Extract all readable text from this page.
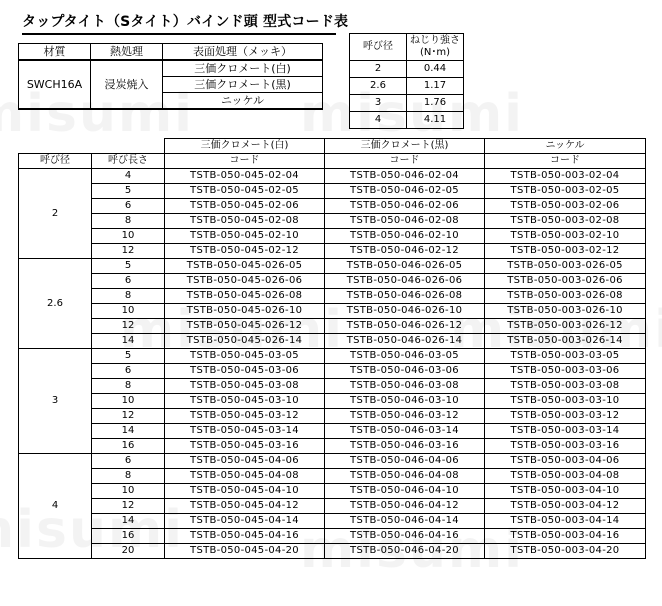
タップタイト（Sタイト）バインド頭 型式コード表
材質	熱処理	表面処理（メッキ）
SWCH16A	浸炭焼入	三価クロメート(白)
		三価クロメート(黒)
		ニッケル
呼び径	ねじり強さ
(N･m)
2	0.44
2.6	1.17
3	1.76
4	4.11
		三価クロメート(白)	三価クロメート(黒)	ニッケル
呼び径	呼び長さ	コード	コード	コード
2	4	TSTB-050-045-02-04	TSTB-050-046-02-04	TSTB-050-003-02-04
	5	TSTB-050-045-02-05	TSTB-050-046-02-05	TSTB-050-003-02-05
	6	TSTB-050-045-02-06	TSTB-050-046-02-06	TSTB-050-003-02-06
	8	TSTB-050-045-02-08	TSTB-050-046-02-08	TSTB-050-003-02-08
	10	TSTB-050-045-02-10	TSTB-050-046-02-10	TSTB-050-003-02-10
	12	TSTB-050-045-02-12	TSTB-050-046-02-12	TSTB-050-003-02-12
2.6	5	TSTB-050-045-026-05	TSTB-050-046-026-05	TSTB-050-003-026-05
	6	TSTB-050-045-026-06	TSTB-050-046-026-06	TSTB-050-003-026-06
	8	TSTB-050-045-026-08	TSTB-050-046-026-08	TSTB-050-003-026-08
	10	TSTB-050-045-026-10	TSTB-050-046-026-10	TSTB-050-003-026-10
	12	TSTB-050-045-026-12	TSTB-050-046-026-12	TSTB-050-003-026-12
	14	TSTB-050-045-026-14	TSTB-050-046-026-14	TSTB-050-003-026-14
3	5	TSTB-050-045-03-05	TSTB-050-046-03-05	TSTB-050-003-03-05
	6	TSTB-050-045-03-06	TSTB-050-046-03-06	TSTB-050-003-03-06
	8	TSTB-050-045-03-08	TSTB-050-046-03-08	TSTB-050-003-03-08
	10	TSTB-050-045-03-10	TSTB-050-046-03-10	TSTB-050-003-03-10
	12	TSTB-050-045-03-12	TSTB-050-046-03-12	TSTB-050-003-03-12
	14	TSTB-050-045-03-14	TSTB-050-046-03-14	TSTB-050-003-03-14
	16	TSTB-050-045-03-16	TSTB-050-046-03-16	TSTB-050-003-03-16
4	6	TSTB-050-045-04-06	TSTB-050-046-04-06	TSTB-050-003-04-06
	8	TSTB-050-045-04-08	TSTB-050-046-04-08	TSTB-050-003-04-08
	10	TSTB-050-045-04-10	TSTB-050-046-04-10	TSTB-050-003-04-10
	12	TSTB-050-045-04-12	TSTB-050-046-04-12	TSTB-050-003-04-12
	14	TSTB-050-045-04-14	TSTB-050-046-04-14	TSTB-050-003-04-14
	16	TSTB-050-045-04-16	TSTB-050-046-04-16	TSTB-050-003-04-16
	20	TSTB-050-045-04-20	TSTB-050-046-04-20	TSTB-050-003-04-20
